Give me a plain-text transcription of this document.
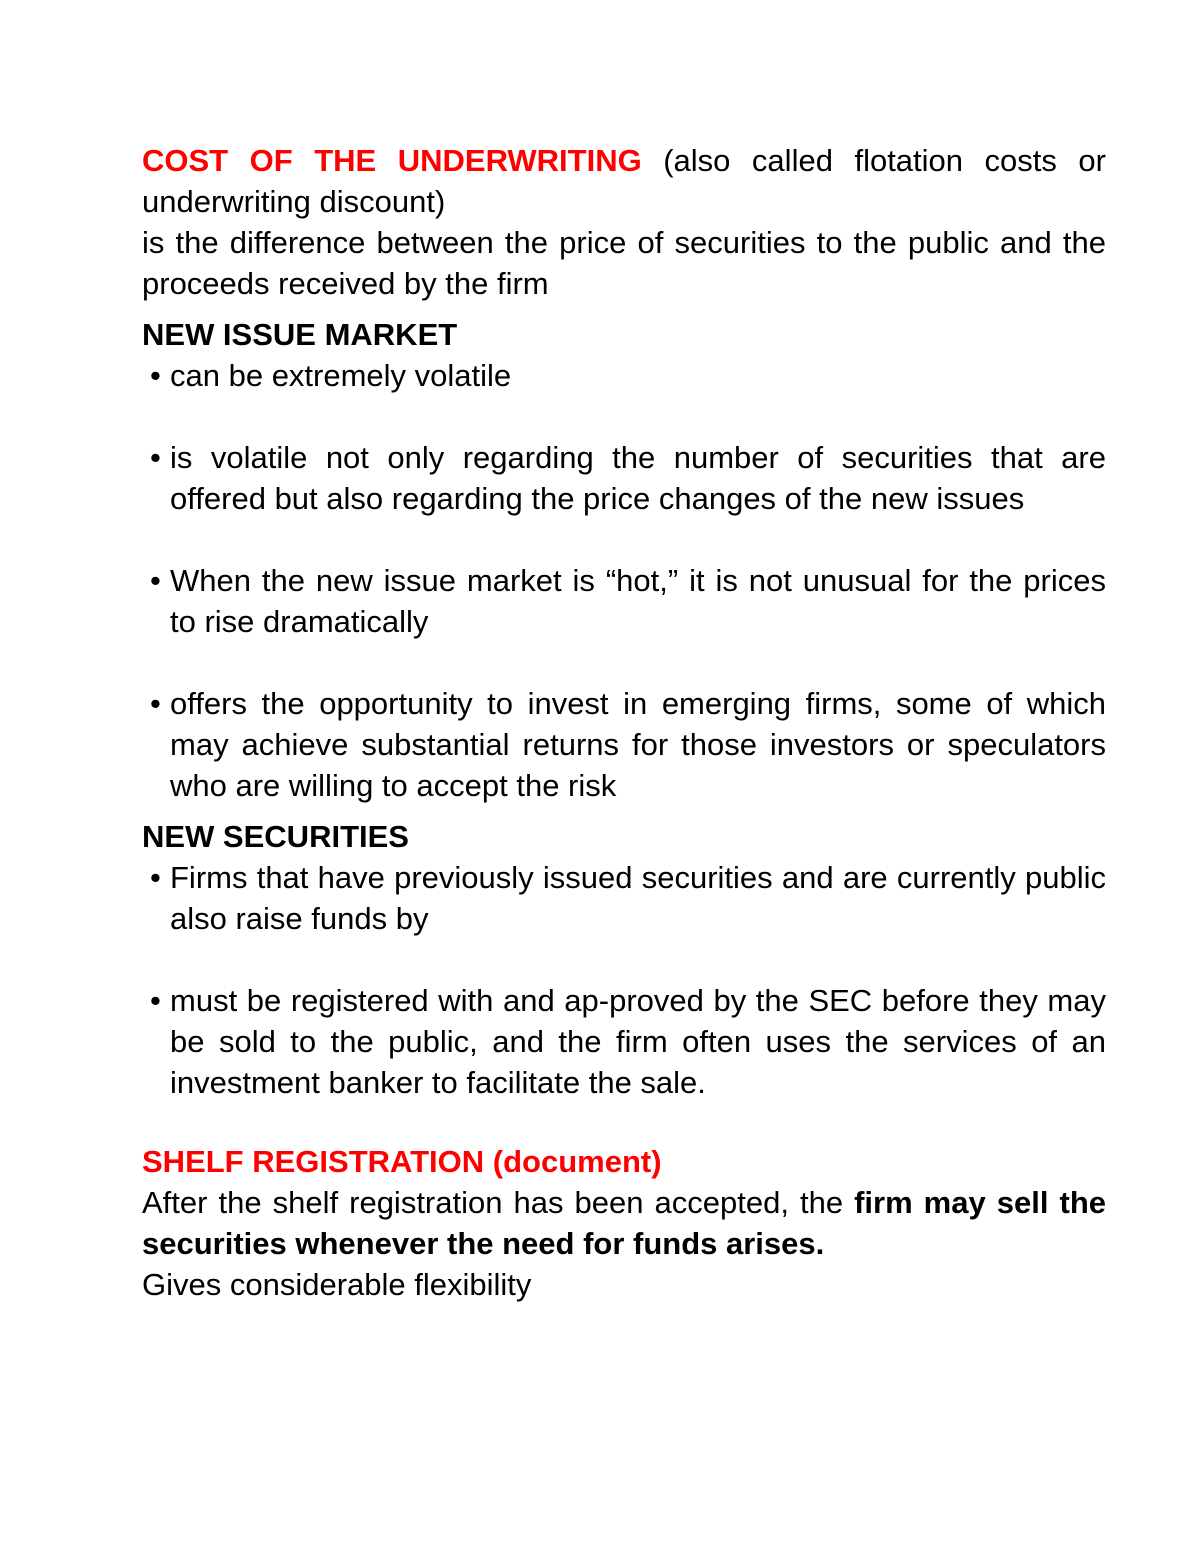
COST OF THE UNDERWRITING (also called flotation costs or underwriting discount)

is the difference between the price of securities to the public and the proceeds received by the firm

NEW ISSUE MARKET

• can be extremely volatile
• is volatile not only regarding the number of securities that are offered but also regarding the price changes of the new issues
• When the new issue market is “hot,” it is not unusual for the prices to rise dramatically
• offers the opportunity to invest in emerging firms, some of which may achieve substantial returns for those investors or speculators who are willing to accept the risk

NEW SECURITIES

• Firms that have previously issued securities and are currently public also raise funds by
• must be registered with and ap-proved by the SEC before they may be sold to the public, and the firm often uses the services of an investment banker to facilitate the sale.

SHELF REGISTRATION (document)

After the shelf registration has been accepted, the firm may sell the securities whenever the need for funds arises.

Gives considerable flexibility
